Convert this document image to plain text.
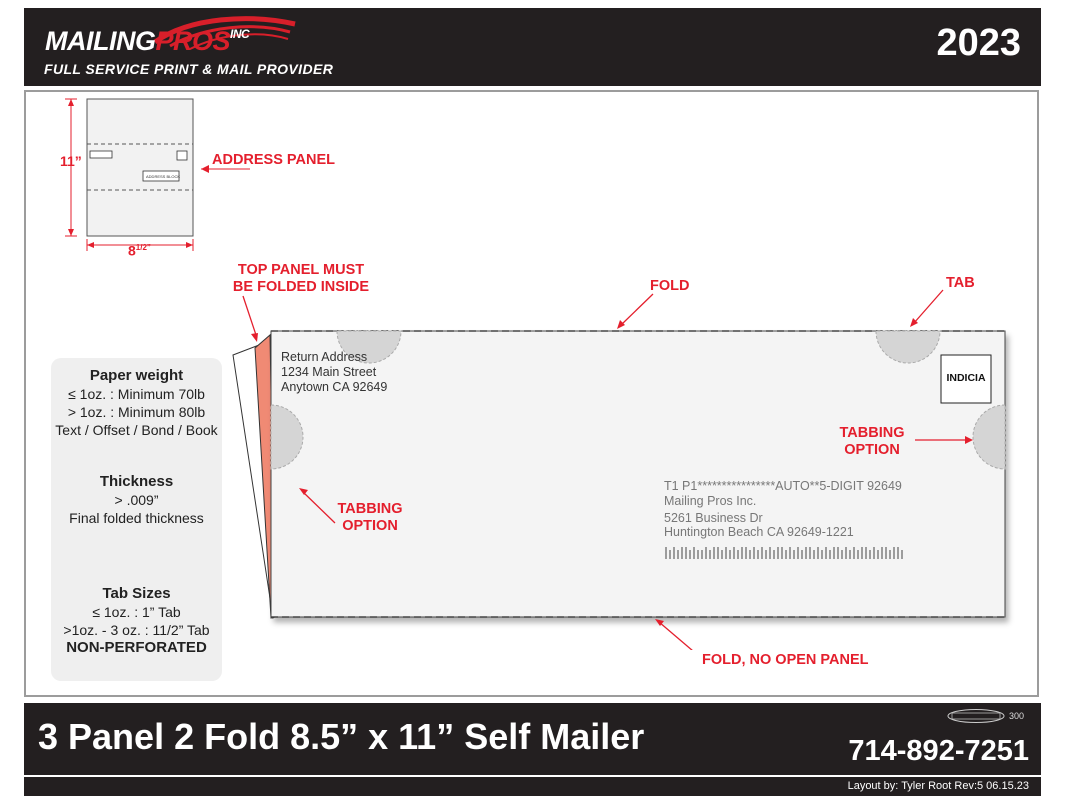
$MAILINGPROS^{INC}$
FULL SERVICE PRINT & MAIL PROVIDER
2023
ADDRESS BLOCK
11”
$8^{1/2”}$
ADDRESS PANEL
TOP PANEL MUST
BE FOLDED INSIDE	FOLD	TAB
TABBING
OPTION
TABBING
OPTION
FOLD, NO OPEN PANEL
Return Address
1234 Main Street
Anytown CA 92649
INDICIA
T1 P1****************AUTO**5-DIGIT 92649
Mailing Pros Inc.
5261 Business Dr
Huntington Beach CA 92649-1221
Paper weight
≤ 1oz. : Minimum 70lb
> 1oz. : Minimum 80lb
Text / Offset / Bond / Book
Thickness
> .009”
Final folded thickness
Tab Sizes
≤ 1oz. : 1” Tab
>1oz. - 3 oz. : 11/2” Tab
NON-PERFORATED
3 Panel 2 Fold 8.5” x 11” Self Mailer	300
714-892-7251
Layout by: Tyler Root Rev:5 06.15.23
